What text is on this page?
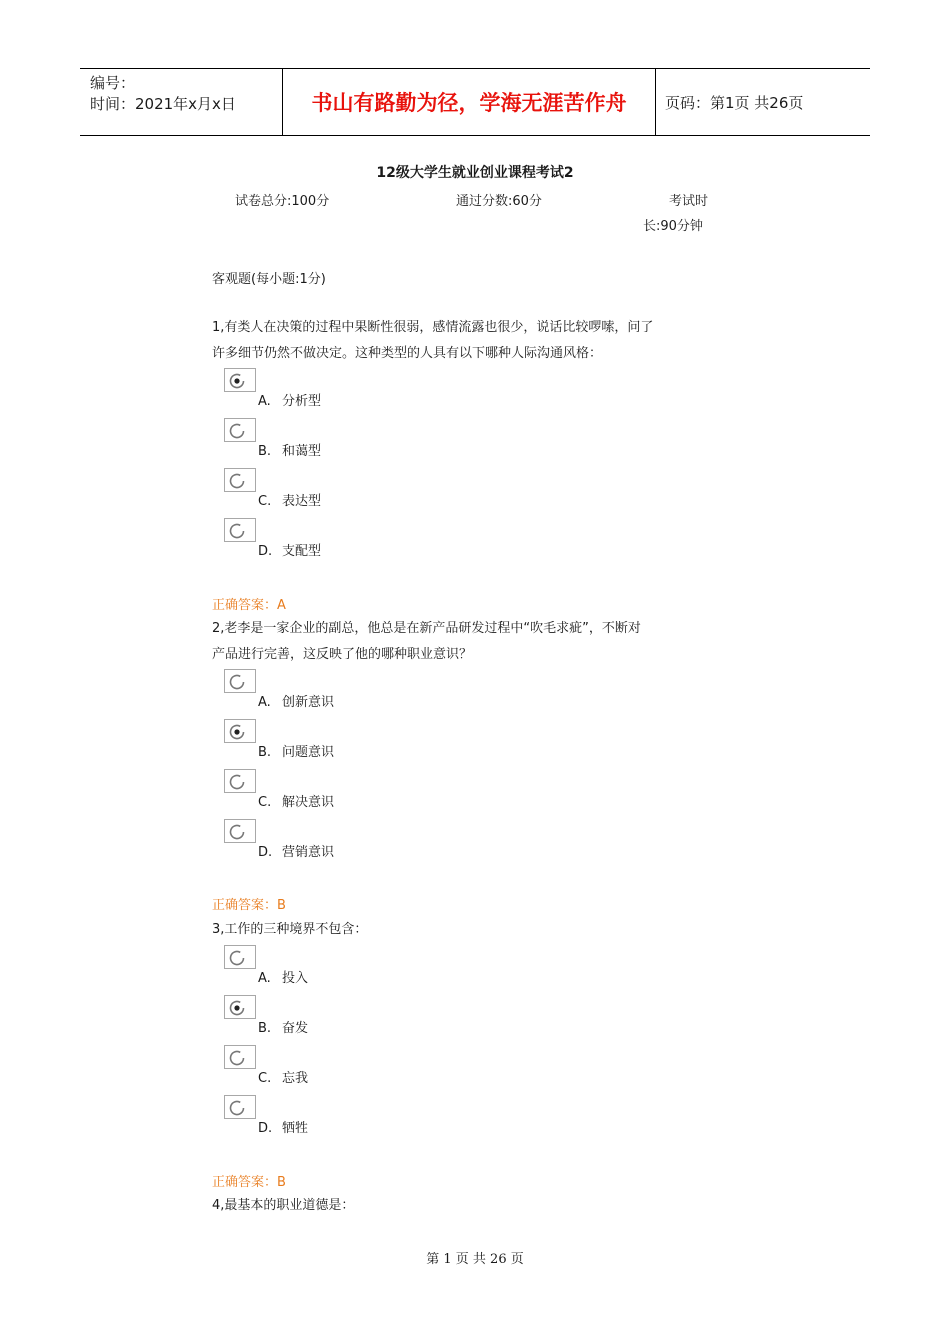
编号：
时间：2021年x月x日	书山有路勤为径，学海无涯苦作舟	页码：第1页 共26页
12级大学生就业创业课程考试2
试卷总分:100分	通过分数:60分	考试时
长:90分钟
客观题(每小题:1分)
1,有类人在决策的过程中果断性很弱，感情流露也很少，说话比较啰嗦，问了
许多细节仍然不做决定。这种类型的人具有以下哪种人际沟通风格：
A. 分析型
B. 和蔼型
C. 表达型
D. 支配型
正确答案：A
2,老李是一家企业的副总，他总是在新产品研发过程中“吹毛求疵”，不断对
产品进行完善，这反映了他的哪种职业意识？
A. 创新意识
B. 问题意识
C. 解决意识
D. 营销意识
正确答案：B
3,工作的三种境界不包含：
A. 投入
B. 奋发
C. 忘我
D. 牺牲
正确答案：B
4,最基本的职业道德是：
第 1 页 共 26 页
